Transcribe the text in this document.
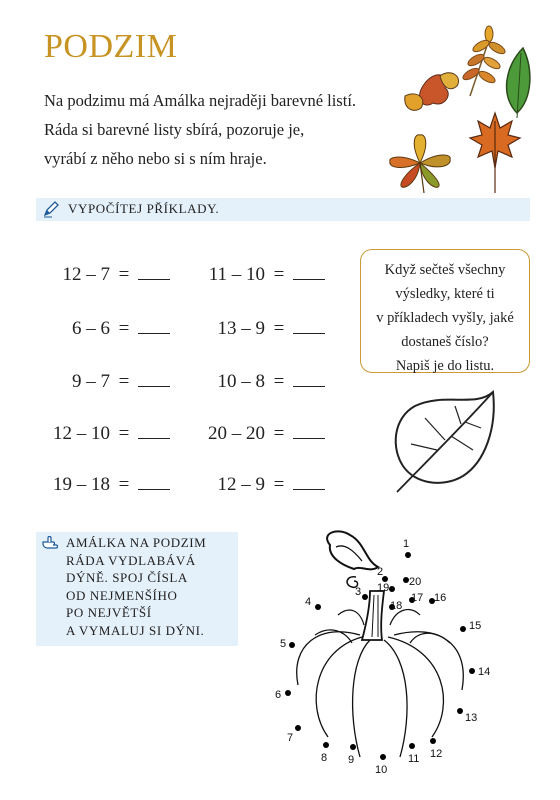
PODZIM
Na podzimu má Amálka nejraději barevné listí.
Ráda si barevné listy sbírá, pozoruje je,
vyrábí z něho nebo si s ním hraje.
VYPOČÍTEJ PŘÍKLADY.
12 – 7 =
6 – 6 =
9 – 7 =
12 – 10 =
19 – 18 =
11 – 10 =
13 – 9 =
10 – 8 =
20 – 20 =
12 – 9 =
Když sečteš všechny
výsledky, které ti
v příkladech vyšly, jaké
dostaneš číslo?
Napiš je do listu.
AMÁLKA NA PODZIM
RÁDA VYDLABÁVÁ
DÝNĚ. SPOJ ČÍSLA
OD NEJMENŠÍHO
PO NEJVĚTŠÍ
A VYMALUJ SI DÝNI.
1
2
3
4
5
6
7
8 9
10
11 12
13
14
15
16
17
18
19 20
